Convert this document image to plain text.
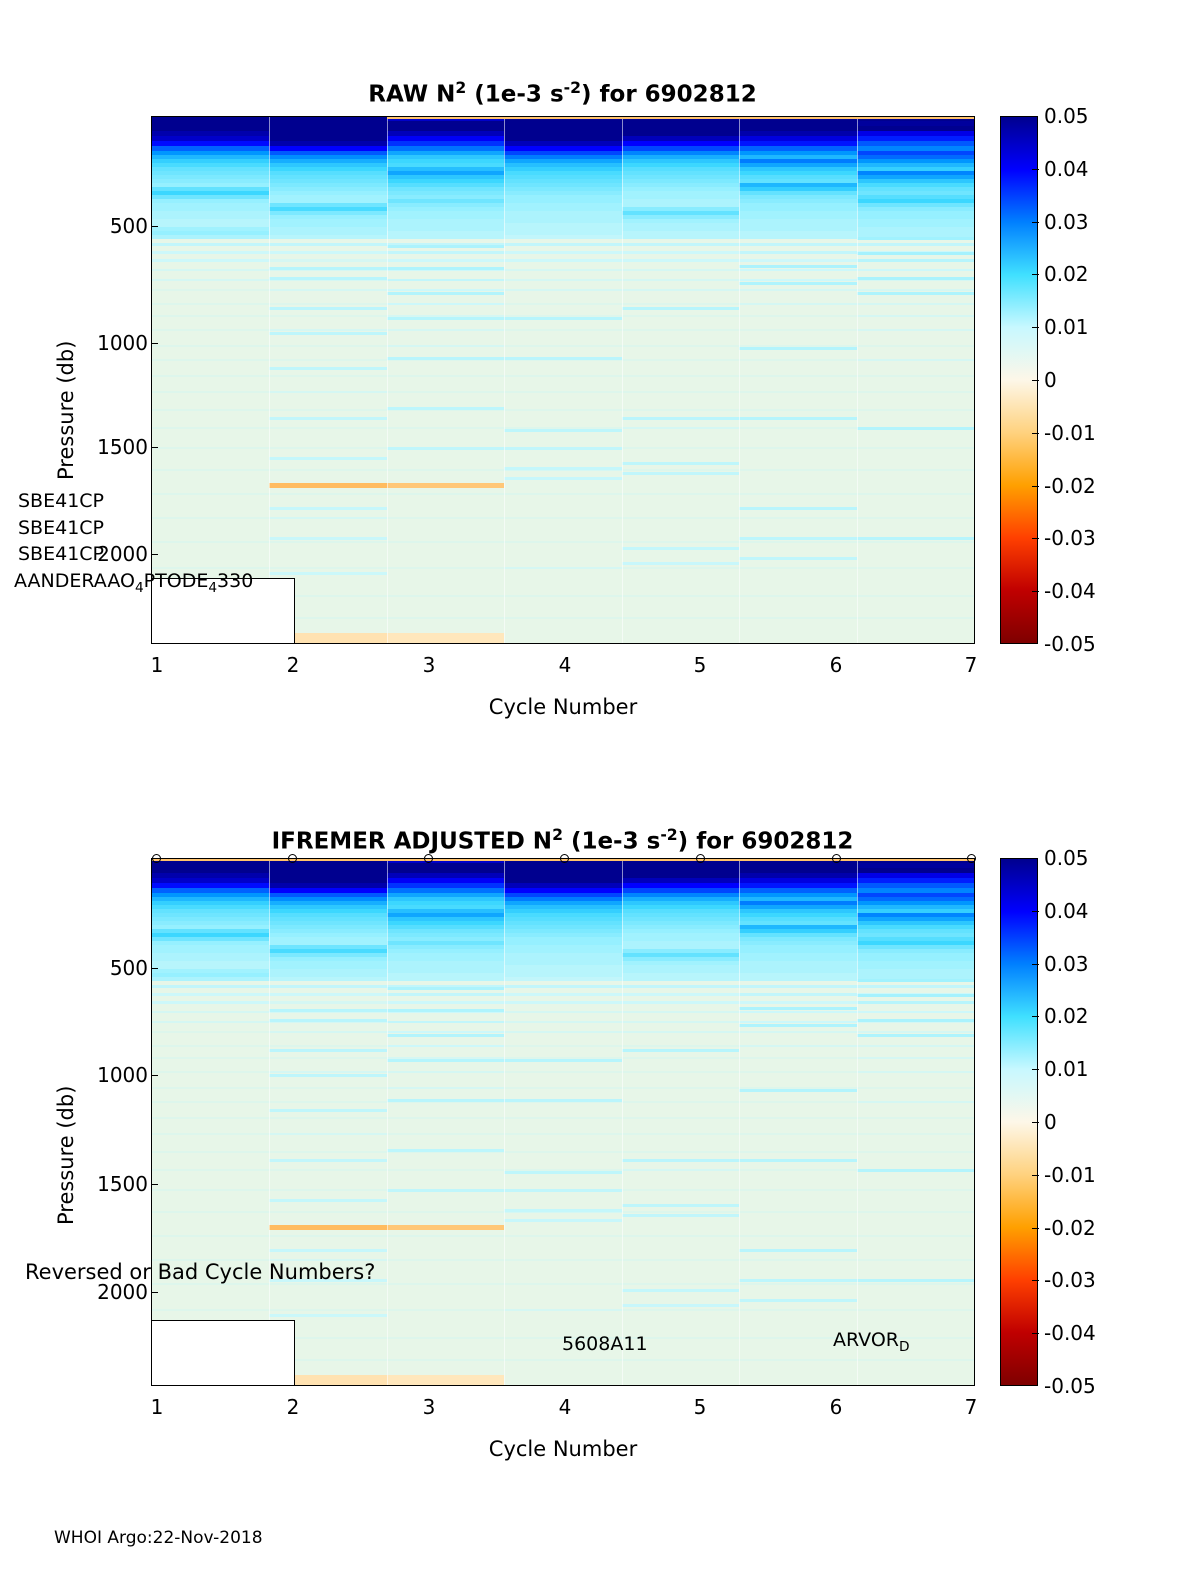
RAW $N^2$ (1e-3 $s^{-2}$) for 6902812
Pressure (db)
500
1000
1500
2000
SBE41CP
SBE41CP
SBE41CP
$AANDERAAO_4PTODE_4330$
1	2	3	4	5	6	7
Cycle Number
0.05
0.04
0.03
0.02
0.01
0
-0.01
-0.02
-0.03
-0.04
-0.05
IFREMER ADJUSTED $N^2$ (1e-3 $s^{-2}$) for 6902812
Pressure (db)
500
1000
1500
2000
Reversed or Bad Cycle Numbers?
5608A11	$ARVOR_D$
1	2	3	4	5	6	7
Cycle Number
0.05
0.04
0.03
0.02
0.01
0
-0.01
-0.02
-0.03
-0.04
-0.05
WHOI Argo:22-Nov-2018
